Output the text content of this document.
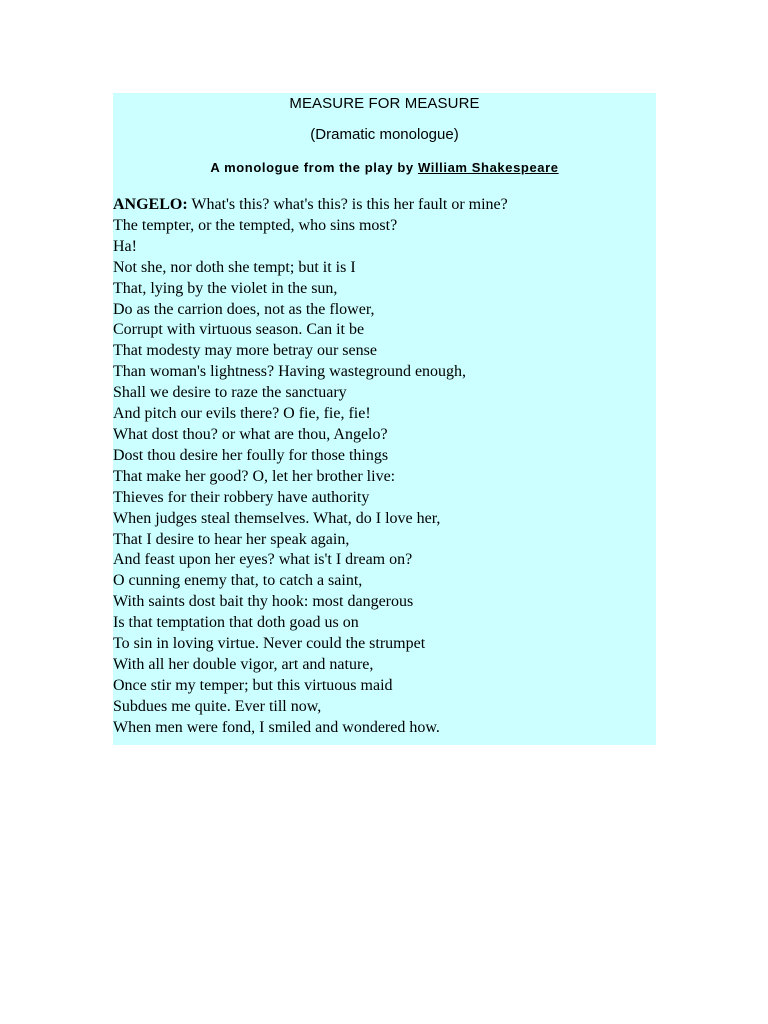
MEASURE FOR MEASURE

(Dramatic monologue)

A monologue from the play by William Shakespeare

ANGELO: What's this? what's this? is this her fault or mine?
The tempter, or the tempted, who sins most?
Ha!
Not she, nor doth she tempt; but it is I
That, lying by the violet in the sun,
Do as the carrion does, not as the flower,
Corrupt with virtuous season. Can it be
That modesty may more betray our sense
Than woman's lightness? Having wasteground enough,
Shall we desire to raze the sanctuary
And pitch our evils there? O fie, fie, fie!
What dost thou? or what are thou, Angelo?
Dost thou desire her foully for those things
That make her good? O, let her brother live:
Thieves for their robbery have authority
When judges steal themselves. What, do I love her,
That I desire to hear her speak again,
And feast upon her eyes? what is't I dream on?
O cunning enemy that, to catch a saint,
With saints dost bait thy hook: most dangerous
Is that temptation that doth goad us on
To sin in loving virtue. Never could the strumpet
With all her double vigor, art and nature,
Once stir my temper; but this virtuous maid
Subdues me quite. Ever till now,
When men were fond, I smiled and wondered how.
